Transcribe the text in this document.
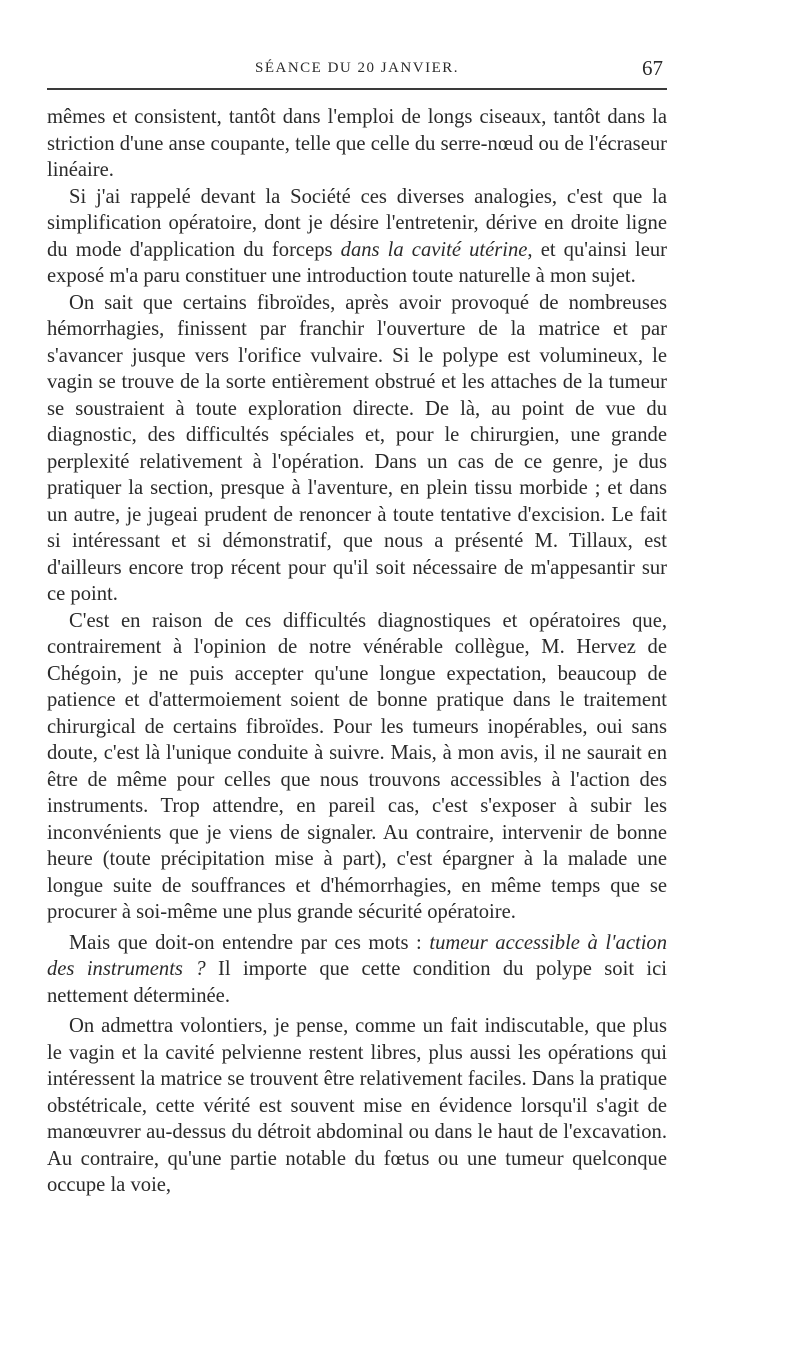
SÉANCE DU 20 JANVIER.	67

mêmes et consistent, tantôt dans l'emploi de longs ciseaux, tantôt dans la striction d'une anse coupante, telle que celle du serre-nœud ou de l'écraseur linéaire.

Si j'ai rappelé devant la Société ces diverses analogies, c'est que la simplification opératoire, dont je désire l'entretenir, dérive en droite ligne du mode d'application du forceps dans la cavité utérine, et qu'ainsi leur exposé m'a paru constituer une introduction toute naturelle à mon sujet.

On sait que certains fibroïdes, après avoir provoqué de nombreuses hémorrhagies, finissent par franchir l'ouverture de la matrice et par s'avancer jusque vers l'orifice vulvaire. Si le polype est volumineux, le vagin se trouve de la sorte entièrement obstrué et les attaches de la tumeur se soustraient à toute exploration directe. De là, au point de vue du diagnostic, des difficultés spéciales et, pour le chirurgien, une grande perplexité relativement à l'opération. Dans un cas de ce genre, je dus pratiquer la section, presque à l'aventure, en plein tissu morbide ; et dans un autre, je jugeai prudent de renoncer à toute tentative d'excision. Le fait si intéressant et si démonstratif, que nous a présenté M. Tillaux, est d'ailleurs encore trop récent pour qu'il soit nécessaire de m'appesantir sur ce point.

C'est en raison de ces difficultés diagnostiques et opératoires que, contrairement à l'opinion de notre vénérable collègue, M. Hervez de Chégoin, je ne puis accepter qu'une longue expectation, beaucoup de patience et d'attermoiement soient de bonne pratique dans le traitement chirurgical de certains fibroïdes. Pour les tumeurs inopérables, oui sans doute, c'est là l'unique conduite à suivre. Mais, à mon avis, il ne saurait en être de même pour celles que nous trouvons accessibles à l'action des instruments. Trop attendre, en pareil cas, c'est s'exposer à subir les inconvénients que je viens de signaler. Au contraire, intervenir de bonne heure (toute précipitation mise à part), c'est épargner à la malade une longue suite de souffrances et d'hémorrhagies, en même temps que se procurer à soi-même une plus grande sécurité opératoire.

Mais que doit-on entendre par ces mots : tumeur accessible à l'action des instruments ? Il importe que cette condition du polype soit ici nettement déterminée.

On admettra volontiers, je pense, comme un fait indiscutable, que plus le vagin et la cavité pelvienne restent libres, plus aussi les opérations qui intéressent la matrice se trouvent être relativement faciles. Dans la pratique obstétricale, cette vérité est souvent mise en évidence lorsqu'il s'agit de manœuvrer au-dessus du détroit abdominal ou dans le haut de l'excavation. Au contraire, qu'une partie notable du fœtus ou une tumeur quelconque occupe la voie,
